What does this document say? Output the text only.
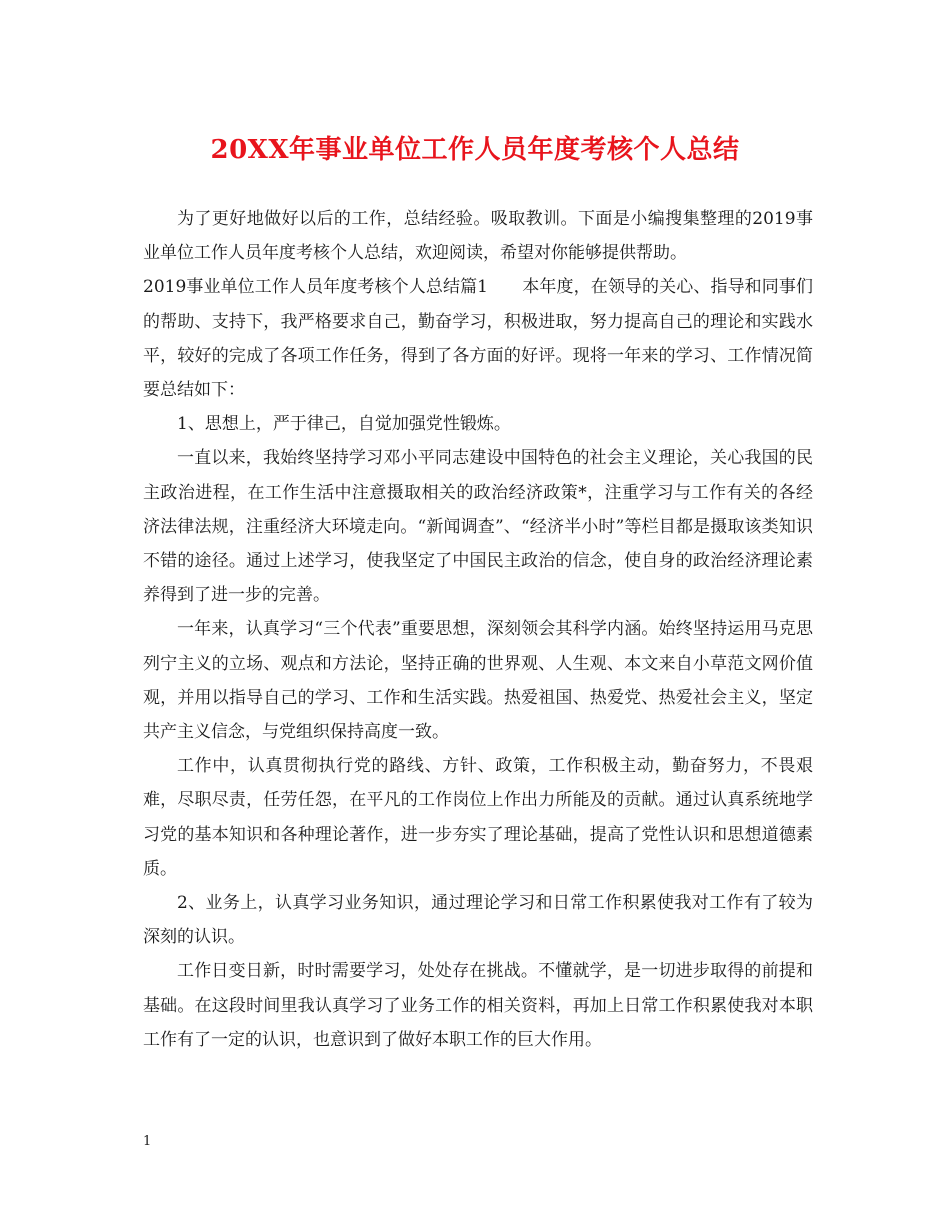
20XX年事业单位工作人员年度考核个人总结

为了更好地做好以后的工作，总结经验。吸取教训。下面是小编搜集整理的2019事业单位工作人员年度考核个人总结，欢迎阅读，希望对你能够提供帮助。

2019事业单位工作人员年度考核个人总结篇1　　本年度，在领导的关心、指导和同事们的帮助、支持下，我严格要求自己，勤奋学习，积极进取，努力提高自己的理论和实践水平，较好的完成了各项工作任务，得到了各方面的好评。现将一年来的学习、工作情况简要总结如下：

1、思想上，严于律己，自觉加强党性锻炼。

一直以来，我始终坚持学习邓小平同志建设中国特色的社会主义理论，关心我国的民主政治进程，在工作生活中注意摄取相关的政治经济政策*，注重学习与工作有关的各经济法律法规，注重经济大环境走向。“新闻调查”、“经济半小时”等栏目都是摄取该类知识不错的途径。通过上述学习，使我坚定了中国民主政治的信念，使自身的政治经济理论素养得到了进一步的完善。

一年来，认真学习“三个代表”重要思想，深刻领会其科学内涵。始终坚持运用马克思列宁主义的立场、观点和方法论，坚持正确的世界观、人生观、本文来自小草范文网价值观，并用以指导自己的学习、工作和生活实践。热爱祖国、热爱党、热爱社会主义，坚定共产主义信念，与党组织保持高度一致。

工作中，认真贯彻执行党的路线、方针、政策，工作积极主动，勤奋努力，不畏艰难，尽职尽责，任劳任怨，在平凡的工作岗位上作出力所能及的贡献。通过认真系统地学习党的基本知识和各种理论著作，进一步夯实了理论基础，提高了党性认识和思想道德素质。

2、业务上，认真学习业务知识，通过理论学习和日常工作积累使我对工作有了较为深刻的认识。

工作日变日新，时时需要学习，处处存在挑战。不懂就学，是一切进步取得的前提和基础。在这段时间里我认真学习了业务工作的相关资料，再加上日常工作积累使我对本职工作有了一定的认识，也意识到了做好本职工作的巨大作用。

1
